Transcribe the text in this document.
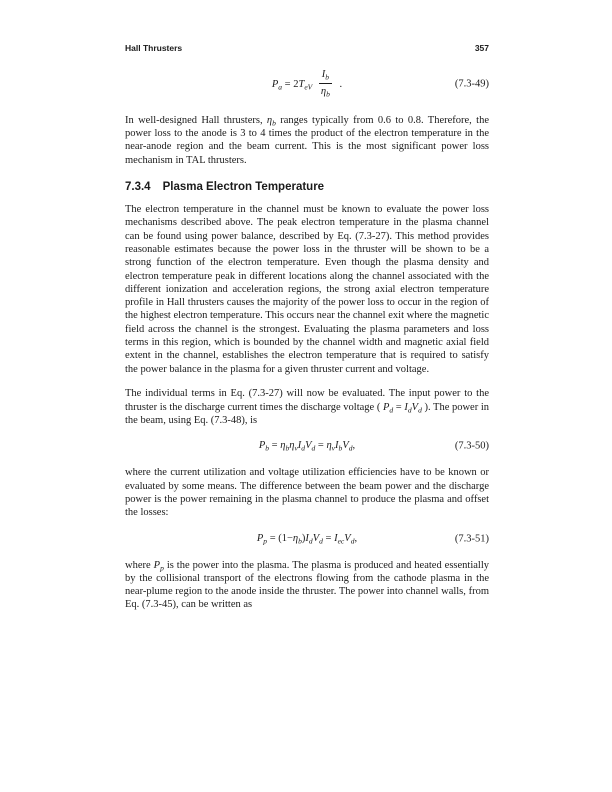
Hall Thrusters	357
$P_a = 2T_{eV} \frac{I_b}{\eta_b}$ .	(7.3-49)

In well-designed Hall thrusters, $\eta_b$ ranges typically from 0.6 to 0.8. Therefore, the power loss to the anode is 3 to 4 times the product of the electron temperature in the near-anode region and the beam current. This is the most significant power loss mechanism in TAL thrusters.

7.3.4 Plasma Electron Temperature

The electron temperature in the channel must be known to evaluate the power loss mechanisms described above. The peak electron temperature in the plasma channel can be found using power balance, described by Eq. (7.3-27). This method provides reasonable estimates because the power loss in the thruster will be shown to be a strong function of the electron temperature. Even though the plasma density and electron temperature peak in different locations along the channel associated with the different ionization and acceleration regions, the strong axial electron temperature profile in Hall thrusters causes the majority of the power loss to occur in the region of the highest electron temperature. This occurs near the channel exit where the magnetic field across the channel is the strongest. Evaluating the plasma parameters and loss terms in this region, which is bounded by the channel width and magnetic axial field extent in the channel, establishes the electron temperature that is required to satisfy the power balance in the plasma for a given thruster current and voltage.

The individual terms in Eq. (7.3-27) will now be evaluated. The input power to the thruster is the discharge current times the discharge voltage ( $P_d = I_dV_d$ ). The power in the beam, using Eq. (7.3-48), is

$P_b = \eta_b\eta_vI_dV_d = \eta_vI_bV_d$,	(7.3-50)

where the current utilization and voltage utilization efficiencies have to be known or evaluated by some means. The difference between the beam power and the discharge power is the power remaining in the plasma channel to produce the plasma and offset the losses:

$P_p = (1-\eta_b)I_dV_d = I_{ec}V_d$,	(7.3-51)

where $P_p$ is the power into the plasma. The plasma is produced and heated essentially by the collisional transport of the electrons flowing from the cathode plasma in the near-plume region to the anode inside the thruster. The power into channel walls, from Eq. (7.3-45), can be written as
